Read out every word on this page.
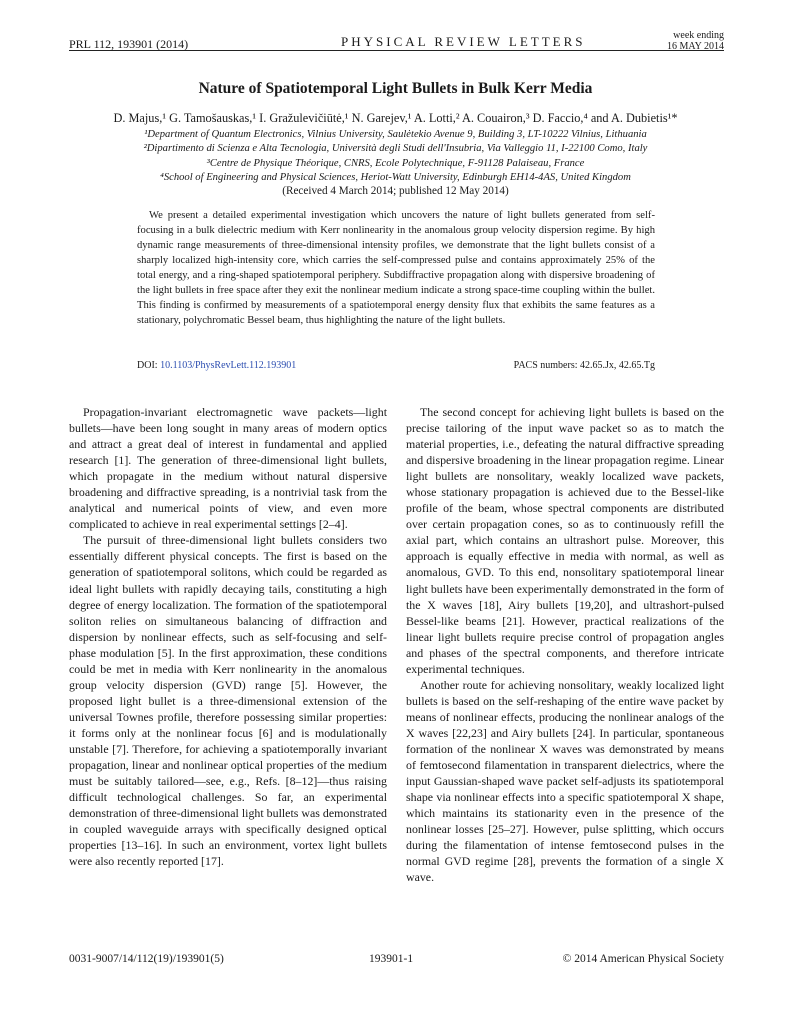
PRL 112, 193901 (2014)	PHYSICAL REVIEW LETTERS	week ending
16 MAY 2014
Nature of Spatiotemporal Light Bullets in Bulk Kerr Media
D. Majus,¹ G. Tamošauskas,¹ I. Gražulevičiūtė,¹ N. Garejev,¹ A. Lotti,² A. Couairon,³ D. Faccio,⁴ and A. Dubietis¹*
¹Department of Quantum Electronics, Vilnius University, Saulėtekio Avenue 9, Building 3, LT-10222 Vilnius, Lithuania
²Dipartimento di Scienza e Alta Tecnologia, Università degli Studi dell'Insubria, Via Valleggio 11, I-22100 Como, Italy
³Centre de Physique Théorique, CNRS, Ecole Polytechnique, F-91128 Palaiseau, France
⁴School of Engineering and Physical Sciences, Heriot-Watt University, Edinburgh EH14-4AS, United Kingdom
(Received 4 March 2014; published 12 May 2014)
We present a detailed experimental investigation which uncovers the nature of light bullets generated from self-focusing in a bulk dielectric medium with Kerr nonlinearity in the anomalous group velocity dispersion regime. By high dynamic range measurements of three-dimensional intensity profiles, we demonstrate that the light bullets consist of a sharply localized high-intensity core, which carries the self-compressed pulse and contains approximately 25% of the total energy, and a ring-shaped spatiotemporal periphery. Subdiffractive propagation along with dispersive broadening of the light bullets in free space after they exit the nonlinear medium indicate a strong space-time coupling within the bullet. This finding is confirmed by measurements of a spatiotemporal energy density flux that exhibits the same features as a stationary, polychromatic Bessel beam, thus highlighting the nature of the light bullets.
DOI: 10.1103/PhysRevLett.112.193901	PACS numbers: 42.65.Jx, 42.65.Tg

Propagation-invariant electromagnetic wave packets—light bullets—have been long sought in many areas of modern optics and attract a great deal of interest in fundamental and applied research [1]. The generation of three-dimensional light bullets, which propagate in the medium without natural dispersive broadening and diffractive spreading, is a nontrivial task from the analytical and numerical points of view, and even more complicated to achieve in real experimental settings [2–4].

The pursuit of three-dimensional light bullets considers two essentially different physical concepts. The first is based on the generation of spatiotemporal solitons, which could be regarded as ideal light bullets with rapidly decaying tails, constituting a high degree of energy localization. The formation of the spatiotemporal soliton relies on simultaneous balancing of diffraction and dispersion by nonlinear effects, such as self-focusing and self-phase modulation [5]. In the first approximation, these conditions could be met in media with Kerr nonlinearity in the anomalous group velocity dispersion (GVD) range [5]. However, the proposed light bullet is a three-dimensional extension of the universal Townes profile, therefore possessing similar properties: it forms only at the nonlinear focus [6] and is modulationally unstable [7]. Therefore, for achieving a spatiotemporally invariant propagation, linear and nonlinear optical properties of the medium must be suitably tailored—see, e.g., Refs. [8–12]—thus raising difficult technological challenges. So far, an experimental demonstration of three-dimensional light bullets was demonstrated in coupled waveguide arrays with specifically designed optical properties [13–16]. In such an environment, vortex light bullets were also recently reported [17].

The second concept for achieving light bullets is based on the precise tailoring of the input wave packet so as to match the material properties, i.e., defeating the natural diffractive spreading and dispersive broadening in the linear propagation regime. Linear light bullets are nonsolitary, weakly localized wave packets, whose stationary propagation is achieved due to the Bessel-like profile of the beam, whose spectral components are distributed over certain propagation cones, so as to continuously refill the axial part, which contains an ultrashort pulse. Moreover, this approach is equally effective in media with normal, as well as anomalous, GVD. To this end, nonsolitary spatiotemporal linear light bullets have been experimentally demonstrated in the form of the X waves [18], Airy bullets [19,20], and ultrashort-pulsed Bessel-like beams [21]. However, practical realizations of the linear light bullets require precise control of propagation angles and phases of the spectral components, and therefore intricate experimental techniques.

Another route for achieving nonsolitary, weakly localized light bullets is based on the self-reshaping of the entire wave packet by means of nonlinear effects, producing the nonlinear analogs of the X waves [22,23] and Airy bullets [24]. In particular, spontaneous formation of the nonlinear X waves was demonstrated by means of femtosecond filamentation in transparent dielectrics, where the input Gaussian-shaped wave packet self-adjusts its spatiotemporal shape via nonlinear effects into a specific spatiotemporal X shape, which maintains its stationarity even in the presence of the nonlinear losses [25–27]. However, pulse splitting, which occurs during the filamentation of intense femtosecond pulses in the normal GVD regime [28], prevents the formation of a single X wave.

0031-9007/14/112(19)/193901(5)	193901-1	© 2014 American Physical Society
